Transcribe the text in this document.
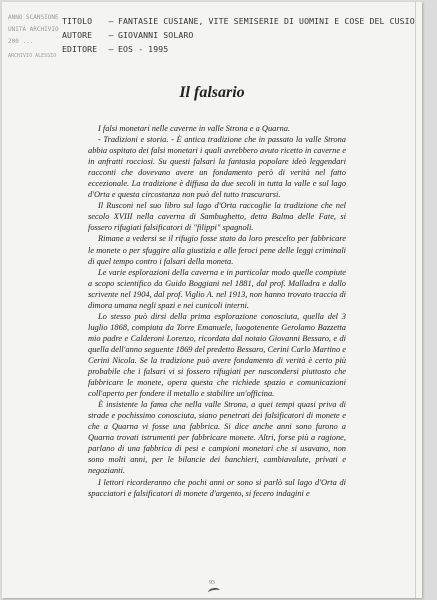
ANNO SCANSIONE
UNITÀ ARCHIVIO
200 ...
ARCHIVIO ALESSIO
TITOLO	– FANTASIE CUSIANE, VITE SEMISERIE DI UOMINI E COSE DEL CUSIO
AUTORE	– GIOVANNI SOLARO
EDITORE	– EOS - 1995
Il falsario

I falsi monetari nelle caverne in valle Strona e a Quarna.

- Tradizioni e storia. - È antica tradizione che in passato la valle Strona abbia ospitato dei falsi monetari i quali avrebbero avuto ricetto in caverne e in anfratti rocciosi. Su questi falsari la fantasia popolare ideò leggendari racconti che dovevano avere un fondamento però di verità nel fatto eccezionale. La tradizione è diffusa da due secoli in tutta la valle e sul lago d'Orta e questa circostanza non può del tutto trascurarsi.

Il Rusconi nel suo libro sul lago d'Orta raccoglie la tradizione che nel secolo XVIII nella caverna di Sambughetto, detta Balma delle Fate, si fossero rifugiati falsificatori di "filippi" spagnoli.

Rimane a vedersi se il rifugio fosse stato da loro prescelto per fabbricare le monete o per sfuggire alla giustizia e alle feroci pene delle leggi criminali di quel tempo contro i falsari della moneta.

Le varie esplorazioni della caverna e in particolar modo quelle compiute a scopo scientifico da Guido Boggiani nel 1881, dal prof. Malladra e dallo scrivente nel 1904, dal prof. Viglio A. nel 1913, non hanno trovato traccia di dimora umana negli spazi e nei cunicoli interni.

Lo stesso può dirsi della prima esplorazione conosciuta, quella del 3 luglio 1868, compiuta da Torre Emanuele, luogotenente Gerolamo Bazzetta mio padre e Calderoni Lorenzo, ricordata dal notaio Giovanni Bessaro, e di quella dell'anno seguente 1869 del predetto Bessaro, Cerini Carlo Martino e Cerini Nicola. Se la tradizione può avere fondamento di verità è certo più probabile che i falsari vi si fossero rifugiati per nascondersi piuttosto che fabbricare le monete, opera questa che richiede spazio e comunicazioni coll'aperto per fondere il metallo e stabilire un'officina.

È insistente la fama che nella valle Strona, a quei tempi quasi priva di strade e pochissimo conosciuta, siano penetrati dei falsificatori di monete e che a Quarna vi fosse una fabbrica. Si dice anche anni sono furono a Quarna trovati istrumenti per fabbricare monete. Altri, forse più a ragione, parlano di una fabbrica di pesi e campioni monetari che si usavano, non sono molti anni, per le bilancie dei banchieri, cambiavalute, privati e negozianti.

I lettori ricorderanno che pochi anni or sono si parlò sul lago d'Orta di spacciatori e falsificatori di monete d'argento, si fecero indagini e

93
